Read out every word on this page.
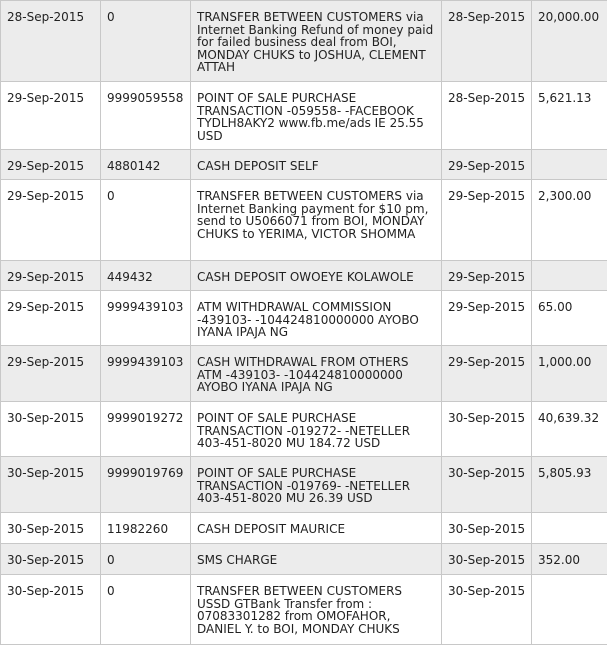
28-Sep-2015	0	TRANSFER BETWEEN CUSTOMERS via Internet Banking Refund of money paid for failed business deal from BOI, MONDAY CHUKS to JOSHUA, CLEMENT ATTAH	28-Sep-2015	20,000.00
29-Sep-2015	9999059558	POINT OF SALE PURCHASE TRANSACTION -059558- -FACEBOOK TYDLH8AKY2 www.fb.me/ads IE 25.55 USD	28-Sep-2015	5,621.13
29-Sep-2015	4880142	CASH DEPOSIT SELF	29-Sep-2015	
29-Sep-2015	0	TRANSFER BETWEEN CUSTOMERS via Internet Banking payment for $10 pm, send to U5066071 from BOI, MONDAY CHUKS to YERIMA, VICTOR SHOMMA	29-Sep-2015	2,300.00
29-Sep-2015	449432	CASH DEPOSIT OWOEYE KOLAWOLE	29-Sep-2015	
29-Sep-2015	9999439103	ATM WITHDRAWAL COMMISSION -439103- -104424810000000 AYOBO IYANA IPAJA NG	29-Sep-2015	65.00
29-Sep-2015	9999439103	CASH WITHDRAWAL FROM OTHERS ATM -439103- -104424810000000 AYOBO IYANA IPAJA NG	29-Sep-2015	1,000.00
30-Sep-2015	9999019272	POINT OF SALE PURCHASE TRANSACTION -019272- -NETELLER 403-451-8020 MU 184.72 USD	30-Sep-2015	40,639.32
30-Sep-2015	9999019769	POINT OF SALE PURCHASE TRANSACTION -019769- -NETELLER 403-451-8020 MU 26.39 USD	30-Sep-2015	5,805.93
30-Sep-2015	11982260	CASH DEPOSIT MAURICE	30-Sep-2015	
30-Sep-2015	0	SMS CHARGE	30-Sep-2015	352.00
30-Sep-2015	0	TRANSFER BETWEEN CUSTOMERS USSD GTBank Transfer from : 07083301282 from OMOFAHOR, DANIEL Y. to BOI, MONDAY CHUKS	30-Sep-2015	
